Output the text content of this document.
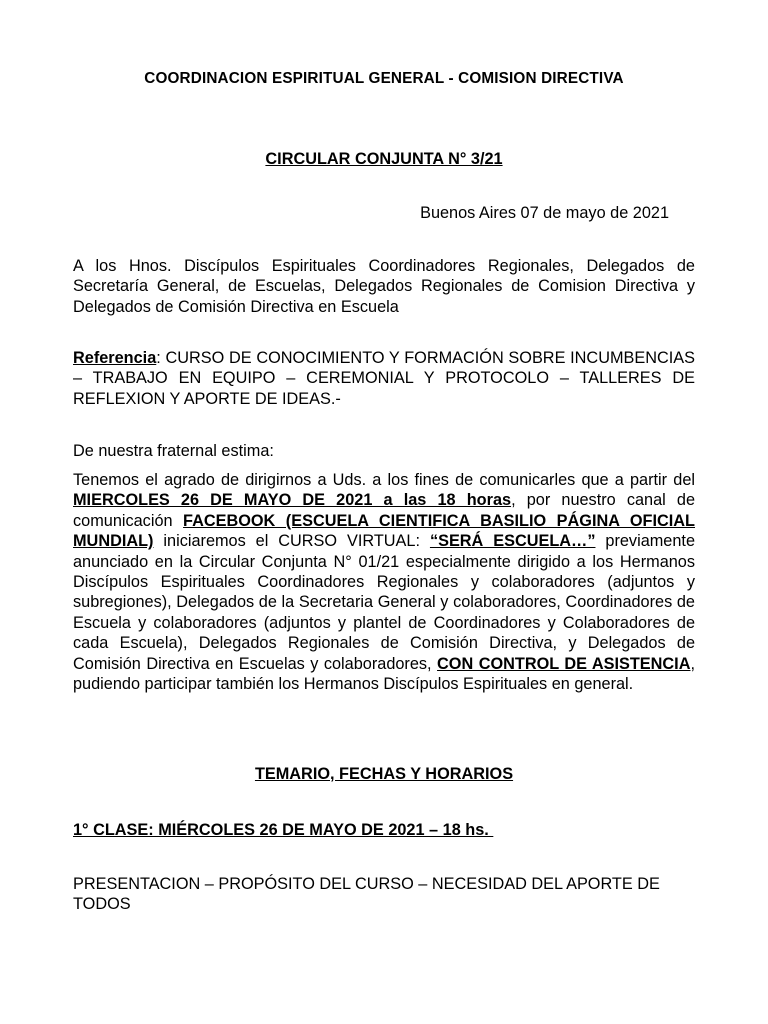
COORDINACION ESPIRITUAL GENERAL - COMISION DIRECTIVA
CIRCULAR CONJUNTA N° 3/21
Buenos Aires 07 de mayo de 2021
A los Hnos. Discípulos Espirituales Coordinadores Regionales, Delegados de Secretaría General, de Escuelas, Delegados Regionales de Comision Directiva y Delegados de Comisión Directiva en Escuela
Referencia: CURSO DE CONOCIMIENTO Y FORMACIÓN SOBRE INCUMBENCIAS – TRABAJO EN EQUIPO – CEREMONIAL Y PROTOCOLO – TALLERES DE REFLEXION Y APORTE DE IDEAS.-
De nuestra fraternal estima:
Tenemos el agrado de dirigirnos a Uds. a los fines de comunicarles que a partir del MIERCOLES 26 DE MAYO DE 2021 a las 18 horas, por nuestro canal de comunicación FACEBOOK (ESCUELA CIENTIFICA BASILIO PÁGINA OFICIAL MUNDIAL) iniciaremos el CURSO VIRTUAL: “SERÁ ESCUELA…” previamente anunciado en la Circular Conjunta N° 01/21 especialmente dirigido a los Hermanos Discípulos Espirituales Coordinadores Regionales y colaboradores (adjuntos y subregiones), Delegados de la Secretaria General y colaboradores, Coordinadores de Escuela y colaboradores (adjuntos y plantel de Coordinadores y Colaboradores de cada Escuela), Delegados Regionales de Comisión Directiva, y Delegados de Comisión Directiva en Escuelas y colaboradores, CON CONTROL DE ASISTENCIA, pudiendo participar también los Hermanos Discípulos Espirituales en general.
TEMARIO, FECHAS Y HORARIOS
1° CLASE: MIÉRCOLES 26 DE MAYO DE 2021 – 18 hs.
PRESENTACION – PROPÓSITO DEL CURSO – NECESIDAD DEL APORTE DE TODOS
